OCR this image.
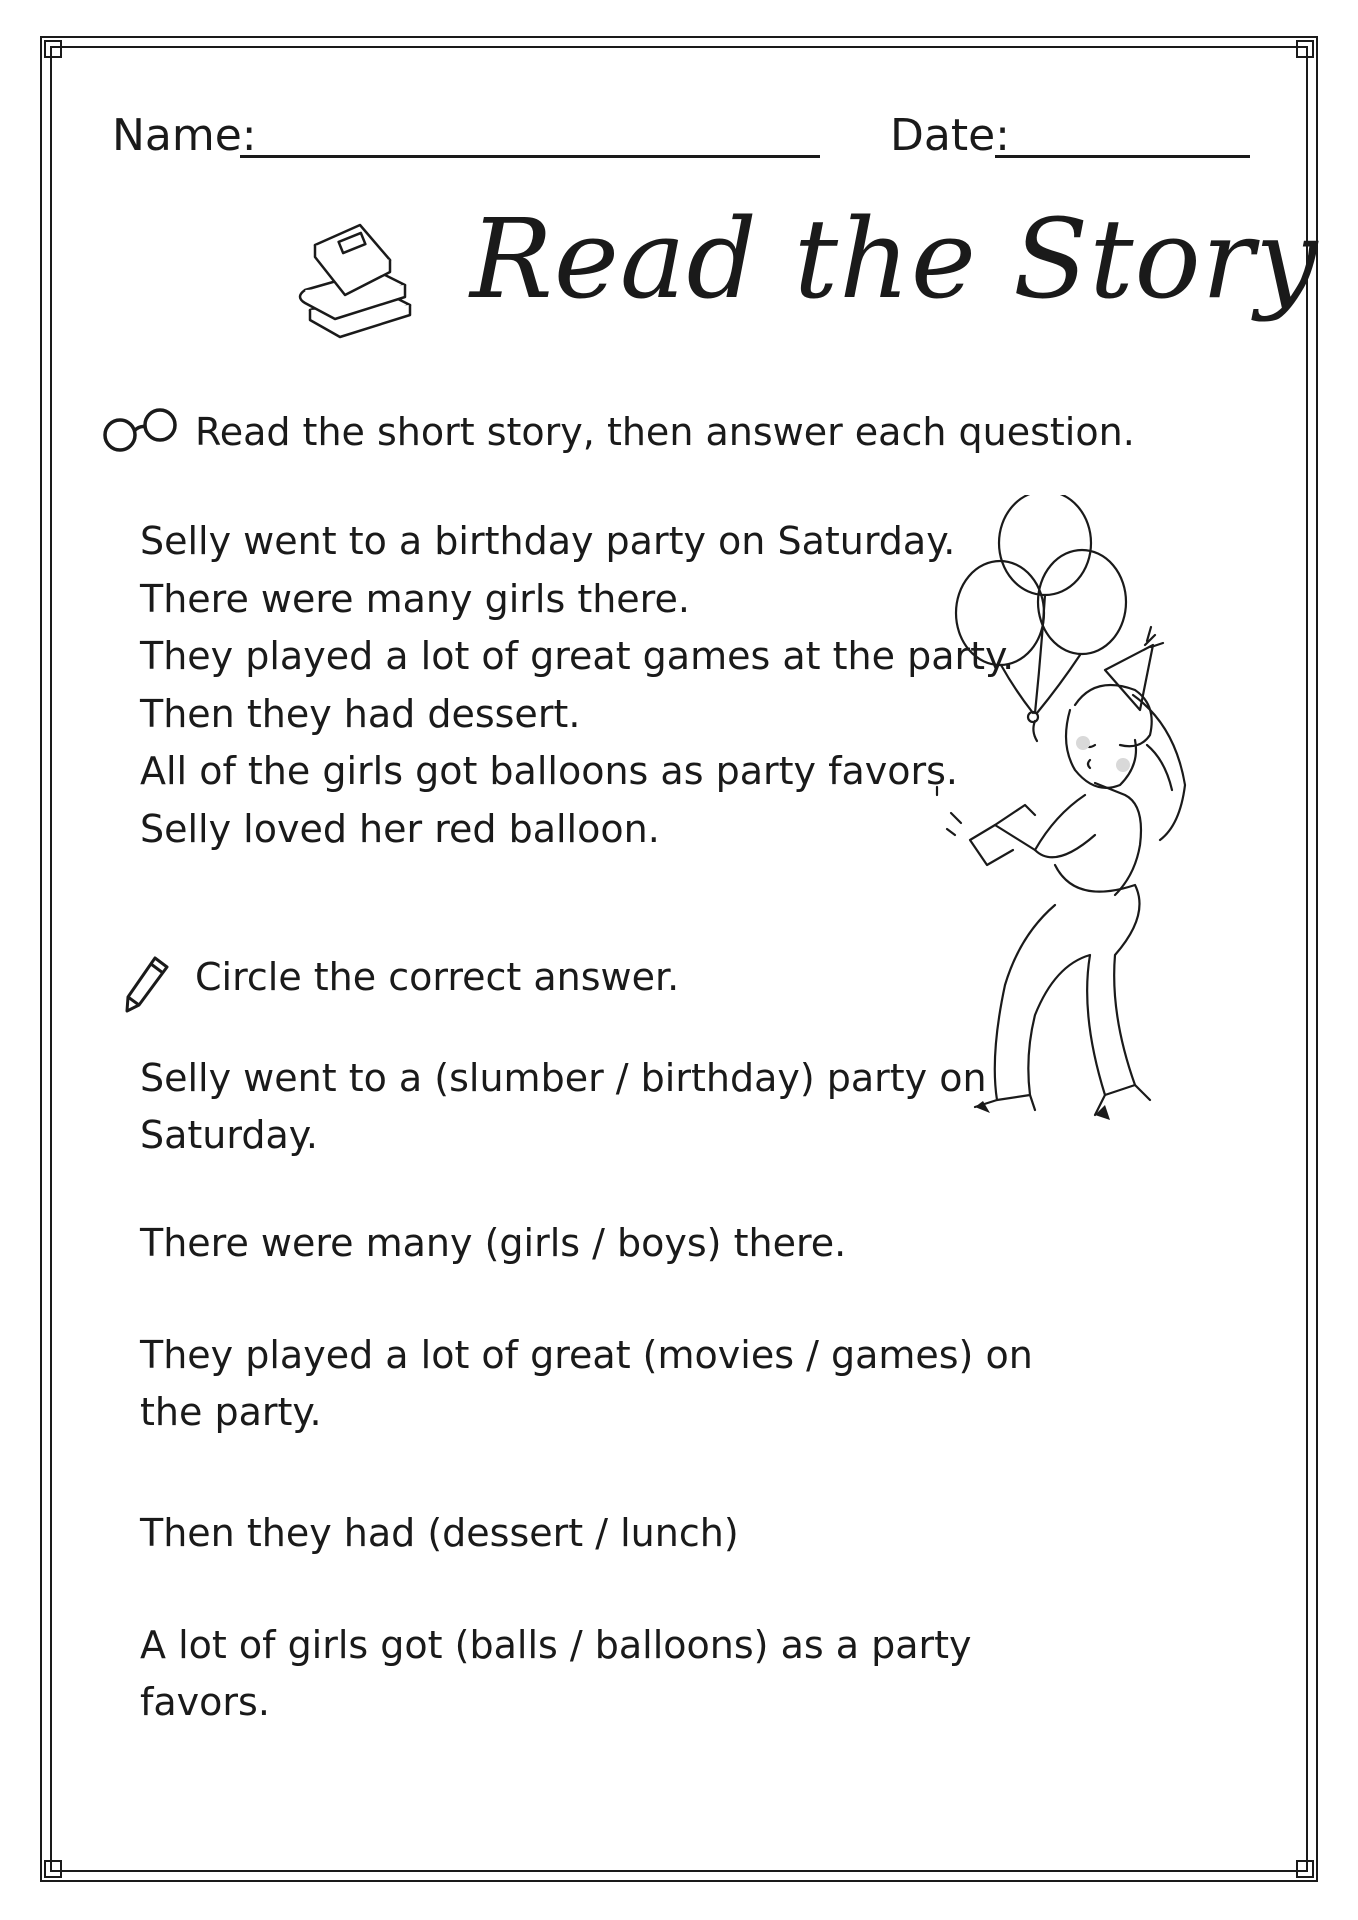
Name:	Date:
Read the Story
Read the short story, then answer each question.
Selly went to a birthday party on Saturday.
There were many girls there.
They played a lot of great games at the party.
Then they had dessert.
All of the girls got balloons as party favors.
Selly loved her red balloon.
Circle the correct answer.
Selly went to a (slumber / birthday) party on
Saturday.
There were many (girls / boys) there.
They played a lot of great (movies / games) on
the party.
Then they had (dessert / lunch)
A lot of girls got (balls / balloons) as a party
favors.
